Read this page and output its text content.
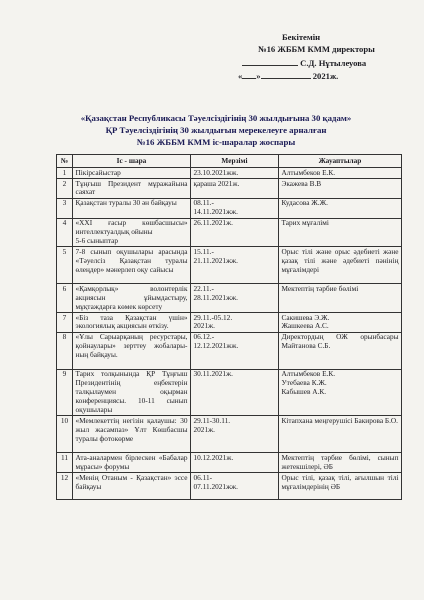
Бекітемін
№16 ЖББМ КММ директоры
С.Д. Нұтылеуова
« »	2021ж.
«Қазақстан Республикасы Тәуелсіздігінің 30 жылдығына 30 қадам»
ҚР Тәуелсіздігінің 30 жылдығын мерекелеуге арналған
№16 ЖББМ КММ іс-шаралар жоспары
№	Іс - шара	Мерзімі	Жауаптылар
1	Пікірсайыстар	23.10.2021жж.	Алтымбеков Е.К.
2	Тұңғыш Президент мұражайына саяхат	қараша 2021ж.	Экажева В.В
3	Қазақстан туралы 30 ән байқауы	08.11.-
14.11.2021жж.	Кудасова Ж.Ж.
4	«ХХІ ғасыр көшбасшысы» интеллектуалдық ойыны
5-6 сыныптар	26.11.2021ж.	Тарих мұғалімі
5	7-8 сынып оқушылары арасында «Тәуелсіз Қазақстан туралы өлеңдер» мәнерлеп оқу сайысы	15.11.-
21.11.2021жж.	Орыс тілі және орыс әдебиеті және қазақ тілі және әдебиеті пәнінің мұғалімдері
6	«Қамқорлық» волонтерлік акциясын ұйымдастыру, мұқтаждарға көмек көрсету	22.11.-
28.11.2021жж.	Мектептің тәрбие бөлімі
7	«Біз таза Қазақстан үшін» экологиялық акциясын өткізу.	29.11.-05.12.
2021ж.	Сакишева Э.Ж.
Жашкеева А.С.
8	«Ұлы Сарыарқаның ресурстары, қойнаулары» зерттеу жобалары-ның байқауы.	06.12.-
12.12.2021жж.	Директордың ОЖ орынбасары Майтанова С.Б.
9	Тарих толқынында ҚР Тұңғыш Президентінің еңбектерін талқылаумен оқырман конференциясы. 10-11 сынып оқушылары	30.11.2021ж.	Алтымбеков Е.К.
Утебаева К.Ж.
Кабышев А.К.
10	«Мемлекеттің негізін қалаушы: 30 жыл жасампаз» Ұлт Көшбасшы туралы фотокөрме	29.11-30.11.
2021ж.	Кітапхана меңгерушісі Бакирова Б.О.
11	Ата-аналармен бірлескен «Бабалар мұрасы» форумы	10.12.2021ж.	Мектептің тәрбие бөлімі, сынып жетекшілері, ӘБ
12	«Менің Отаным - Қазақстан» эссе байқауы	06.11-
07.11.2021жж.	Орыс тілі, қазақ тілі, ағылшын тілі мұғалімдерінің ӘБ
